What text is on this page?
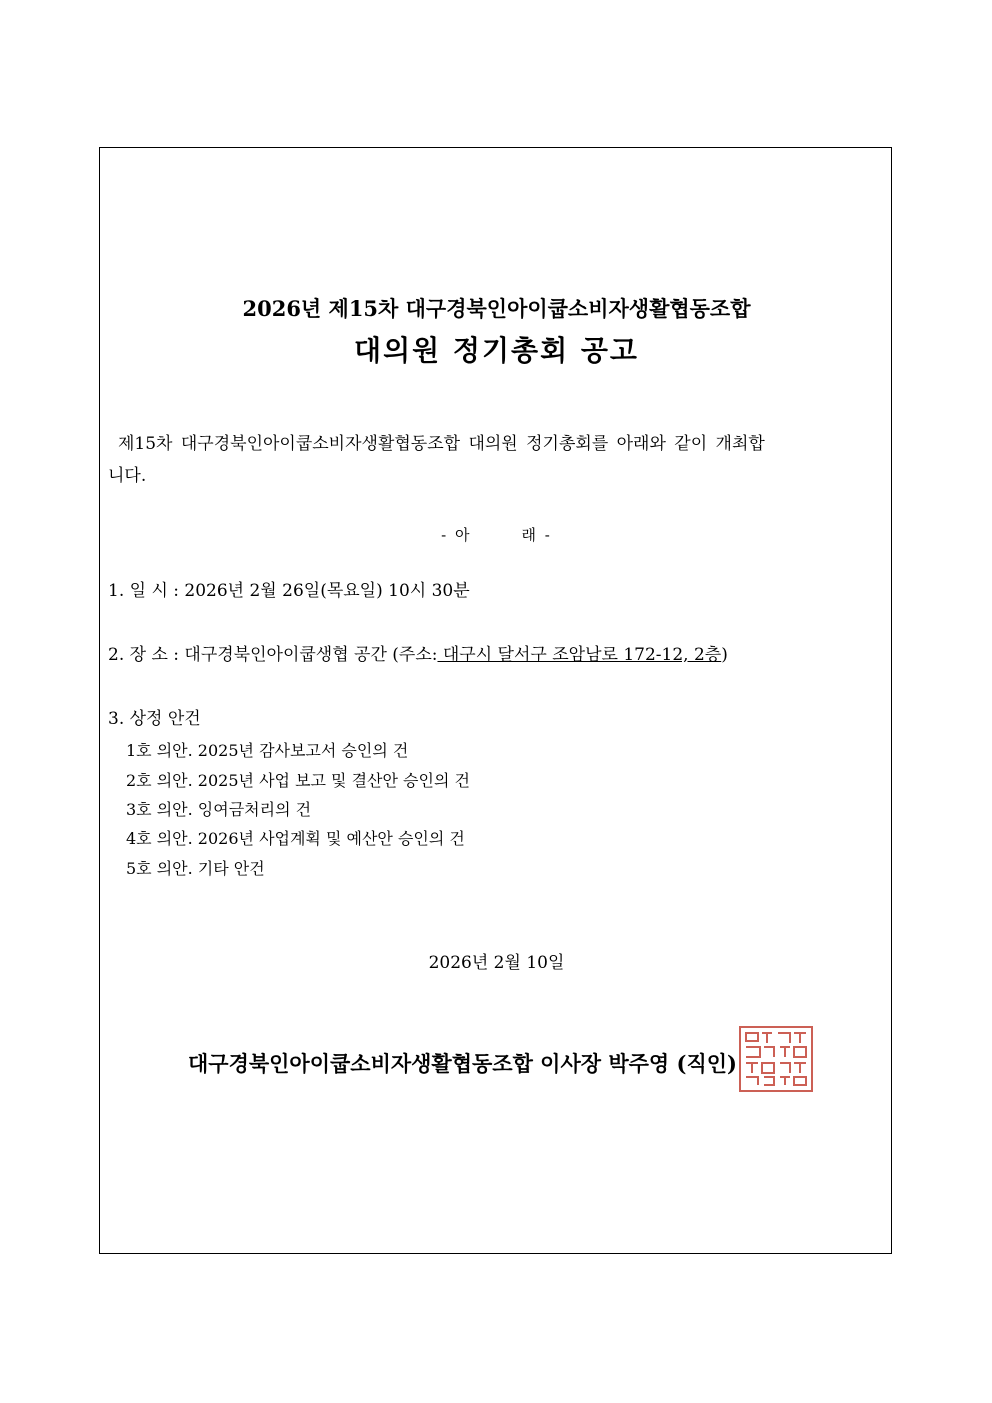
2026년 제15차 대구경북인아이쿱소비자생활협동조합
대의원 정기총회 공고
제15차 대구경북인아이쿱소비자생활협동조합 대의원 정기총회를 아래와 같이 개최합
니다.
- 아	래 -
1. 일 시 : 2026년 2월 26일(목요일) 10시 30분
2. 장 소 : 대구경북인아이쿱생협 공간 (주소: 대구시 달서구 조암남로 172-12, 2층)
3. 상정 안건
1호 의안. 2025년 감사보고서 승인의 건
2호 의안. 2025년 사업 보고 및 결산안 승인의 건
3호 의안. 잉여금처리의 건
4호 의안. 2026년 사업계획 및 예산안 승인의 건
5호 의안. 기타 안건
2026년 2월 10일
대구경북인아이쿱소비자생활협동조합 이사장 박주영 (직인)
